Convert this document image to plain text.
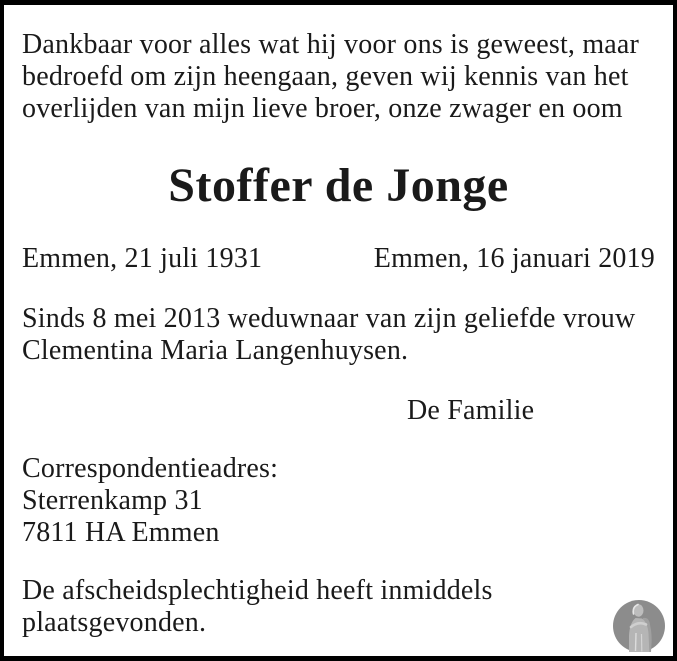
Dankbaar voor alles wat hij voor ons is geweest, maar
bedroefd om zijn heengaan, geven wij kennis van het
overlijden van mijn lieve broer, onze zwager en oom
Stoffer de Jonge
Emmen, 21 juli 1931	Emmen, 16 januari 2019
Sinds 8 mei 2013 weduwnaar van zijn geliefde vrouw
Clementina Maria Langenhuysen.
De Familie
Correspondentieadres:
Sterrenkamp 31
7811 HA Emmen
De afscheidsplechtigheid heeft inmiddels
plaatsgevonden.
